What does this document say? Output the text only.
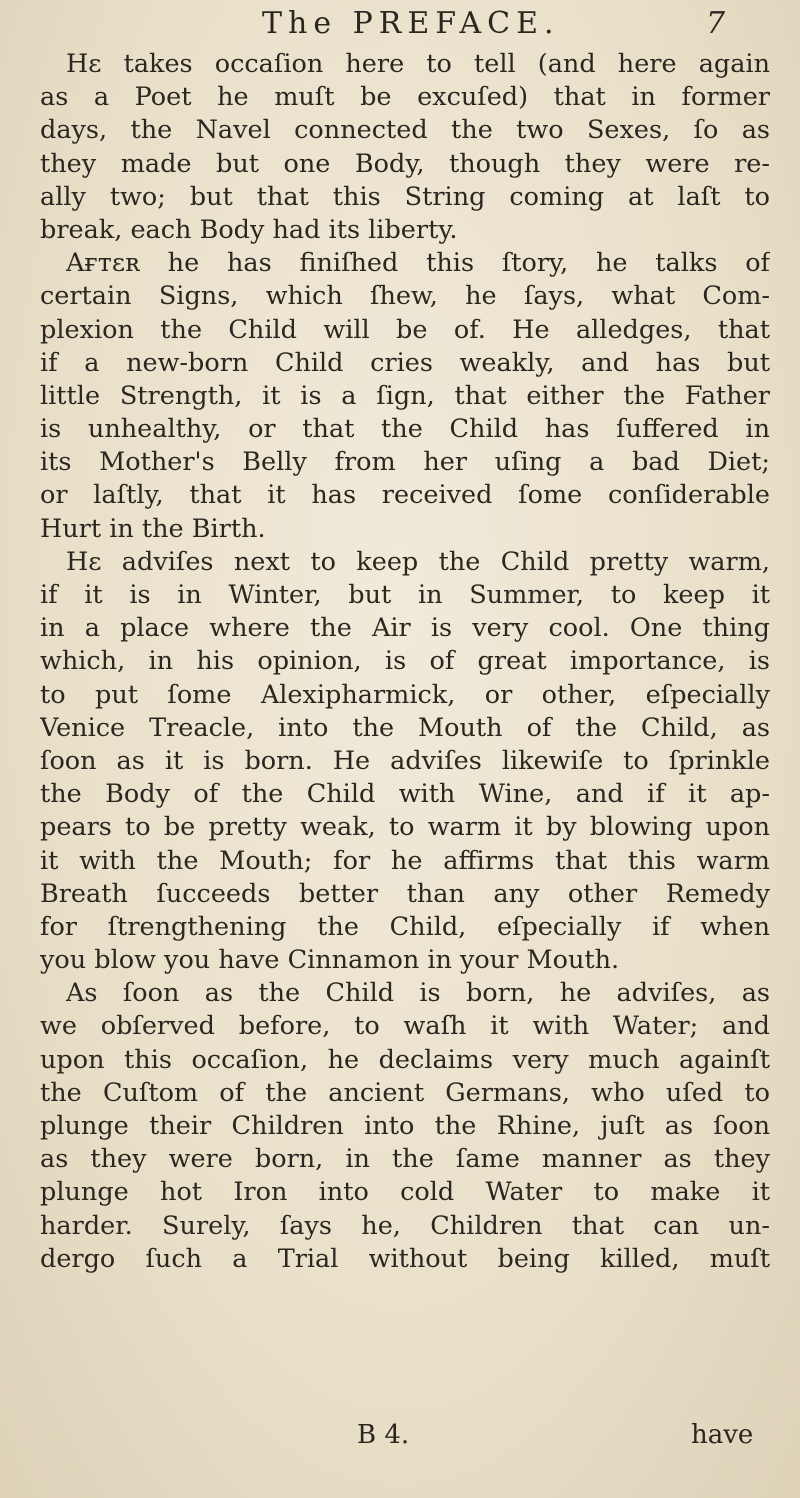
The PREFACE.	7
Hɛ takes occaſion here to tell (and here again
as a Poet he muſt be excuſed) that in former
days, the Navel connected the two Sexes, ſo as
they made but one Body, though they were re-
ally two; but that this String coming at laſt to
break, each Body had its liberty.
Aғтɛʀ he has finiſhed this ſtory, he talks of
certain Signs, which ſhew, he ſays, what Com-
plexion the Child will be of. He alledges, that
if a new-born Child cries weakly, and has but
little Strength, it is a ſign, that either the Father
is unhealthy, or that the Child has ſuffered in
its Mother's Belly from her uſing a bad Diet;
or laſtly, that it has received ſome conſiderable
Hurt in the Birth.
Hɛ adviſes next to keep the Child pretty warm,
if it is in Winter, but in Summer, to keep it
in a place where the Air is very cool. One thing
which, in his opinion, is of great importance, is
to put ſome Alexipharmick, or other, eſpecially
Venice Treacle, into the Mouth of the Child, as
ſoon as it is born. He adviſes likewiſe to ſprinkle
the Body of the Child with Wine, and if it ap-
pears to be pretty weak, to warm it by blowing upon
it with the Mouth; for he affirms that this warm
Breath ſucceeds better than any other Remedy
for ſtrengthening the Child, eſpecially if when
you blow you have Cinnamon in your Mouth.
As ſoon as the Child is born, he adviſes, as
we obſerved before, to waſh it with Water; and
upon this occaſion, he declaims very much againſt
the Cuſtom of the ancient Germans, who uſed to
plunge their Children into the Rhine, juſt as ſoon
as they were born, in the ſame manner as they
plunge hot Iron into cold Water to make it
harder. Surely, ſays he, Children that can un-
dergo ſuch a Trial without being killed, muſt
B 4.	have
